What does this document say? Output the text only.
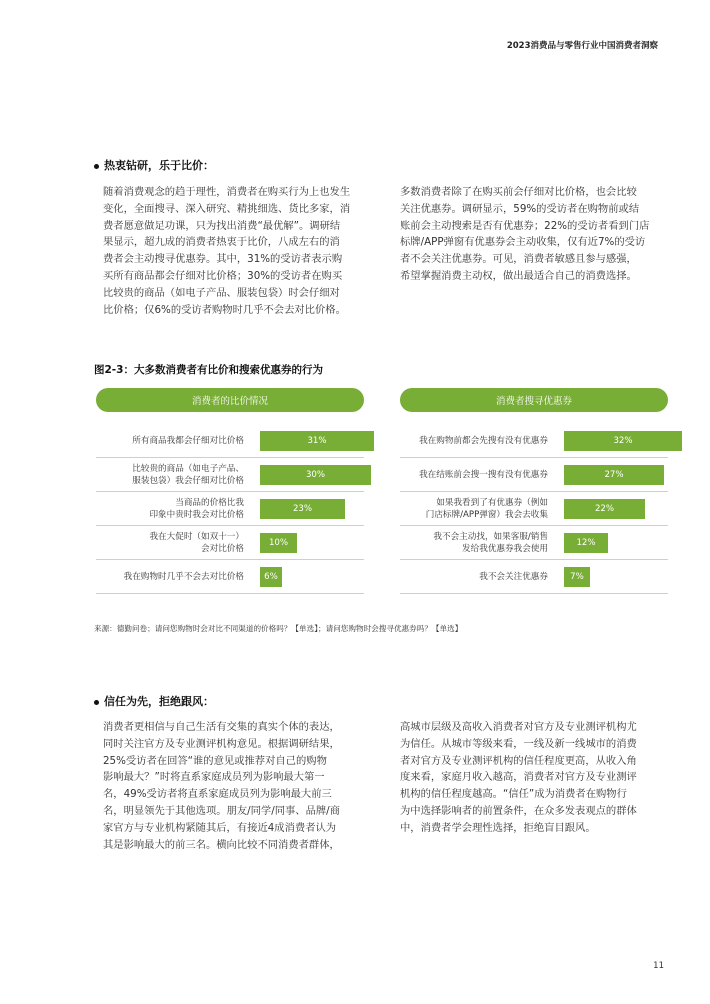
2023消费品与零售行业中国消费者洞察
热衷钻研，乐于比价：
随着消费观念的趋于理性，消费者在购买行为上也发生
变化，全面搜寻、深入研究、精挑细选、货比多家，消
费者愿意做足功课，只为找出消费“最优解”。调研结
果显示，超九成的消费者热衷于比价，八成左右的消
费者会主动搜寻优惠券。其中，31%的受访者表示购
买所有商品都会仔细对比价格；30%的受访者在购买
比较贵的商品（如电子产品、服装包袋）时会仔细对
比价格；仅6%的受访者购物时几乎不会去对比价格。
多数消费者除了在购买前会仔细对比价格，也会比较
关注优惠券。调研显示，59%的受访者在购物前或结
账前会主动搜索是否有优惠券；22%的受访者看到门店
标牌/APP弹窗有优惠券会主动收集，仅有近7%的受访
者不会关注优惠券。可见，消费者敏感且参与感强，
希望掌握消费主动权，做出最适合自己的消费选择。
图2-3：大多数消费者有比价和搜索优惠券的行为
消费者的比价情况
所有商品我都会仔细对比价格	31%
比较贵的商品（如电子产品、
服装包袋）我会仔细对比价格
30%
当商品的价格比我
印象中贵时我会对比价格
23%
我在大促时（如双十一）
会对比价格
10%
我在购物时几乎不会去对比价格 6%
消费者搜寻优惠券
我在购物前都会先搜有没有优惠券	32%
我在结账前会搜一搜有没有优惠券	27%
如果我看到了有优惠券（例如
门店标牌/APP弹窗）我会去收集
22%
我不会主动找，如果客服/销售
发给我优惠券我会使用
12%
我不会关注优惠券	7%
来源：德勤问卷；请问您购物时会对比不同渠道的价格吗？【单选】；请问您购物时会搜寻优惠券吗？【单选】
信任为先，拒绝跟风：
消费者更相信与自己生活有交集的真实个体的表达，
同时关注官方及专业测评机构意见。根据调研结果，
25%受访者在回答“谁的意见或推荐对自己的购物
影响最大？”时将直系家庭成员列为影响最大第一
名，49%受访者将直系家庭成员列为影响最大前三
名，明显领先于其他选项。朋友/同学/同事、品牌/商
家官方与专业机构紧随其后，有接近4成消费者认为
其是影响最大的前三名。横向比较不同消费者群体，
高城市层级及高收入消费者对官方及专业测评机构尤
为信任。从城市等级来看，一线及新一线城市的消费
者对官方及专业测评机构的信任程度更高，从收入角
度来看，家庭月收入越高，消费者对官方及专业测评
机构的信任程度越高。“信任”成为消费者在购物行
为中选择影响者的前置条件，在众多发表观点的群体
中，消费者学会理性选择，拒绝盲目跟风。
11
